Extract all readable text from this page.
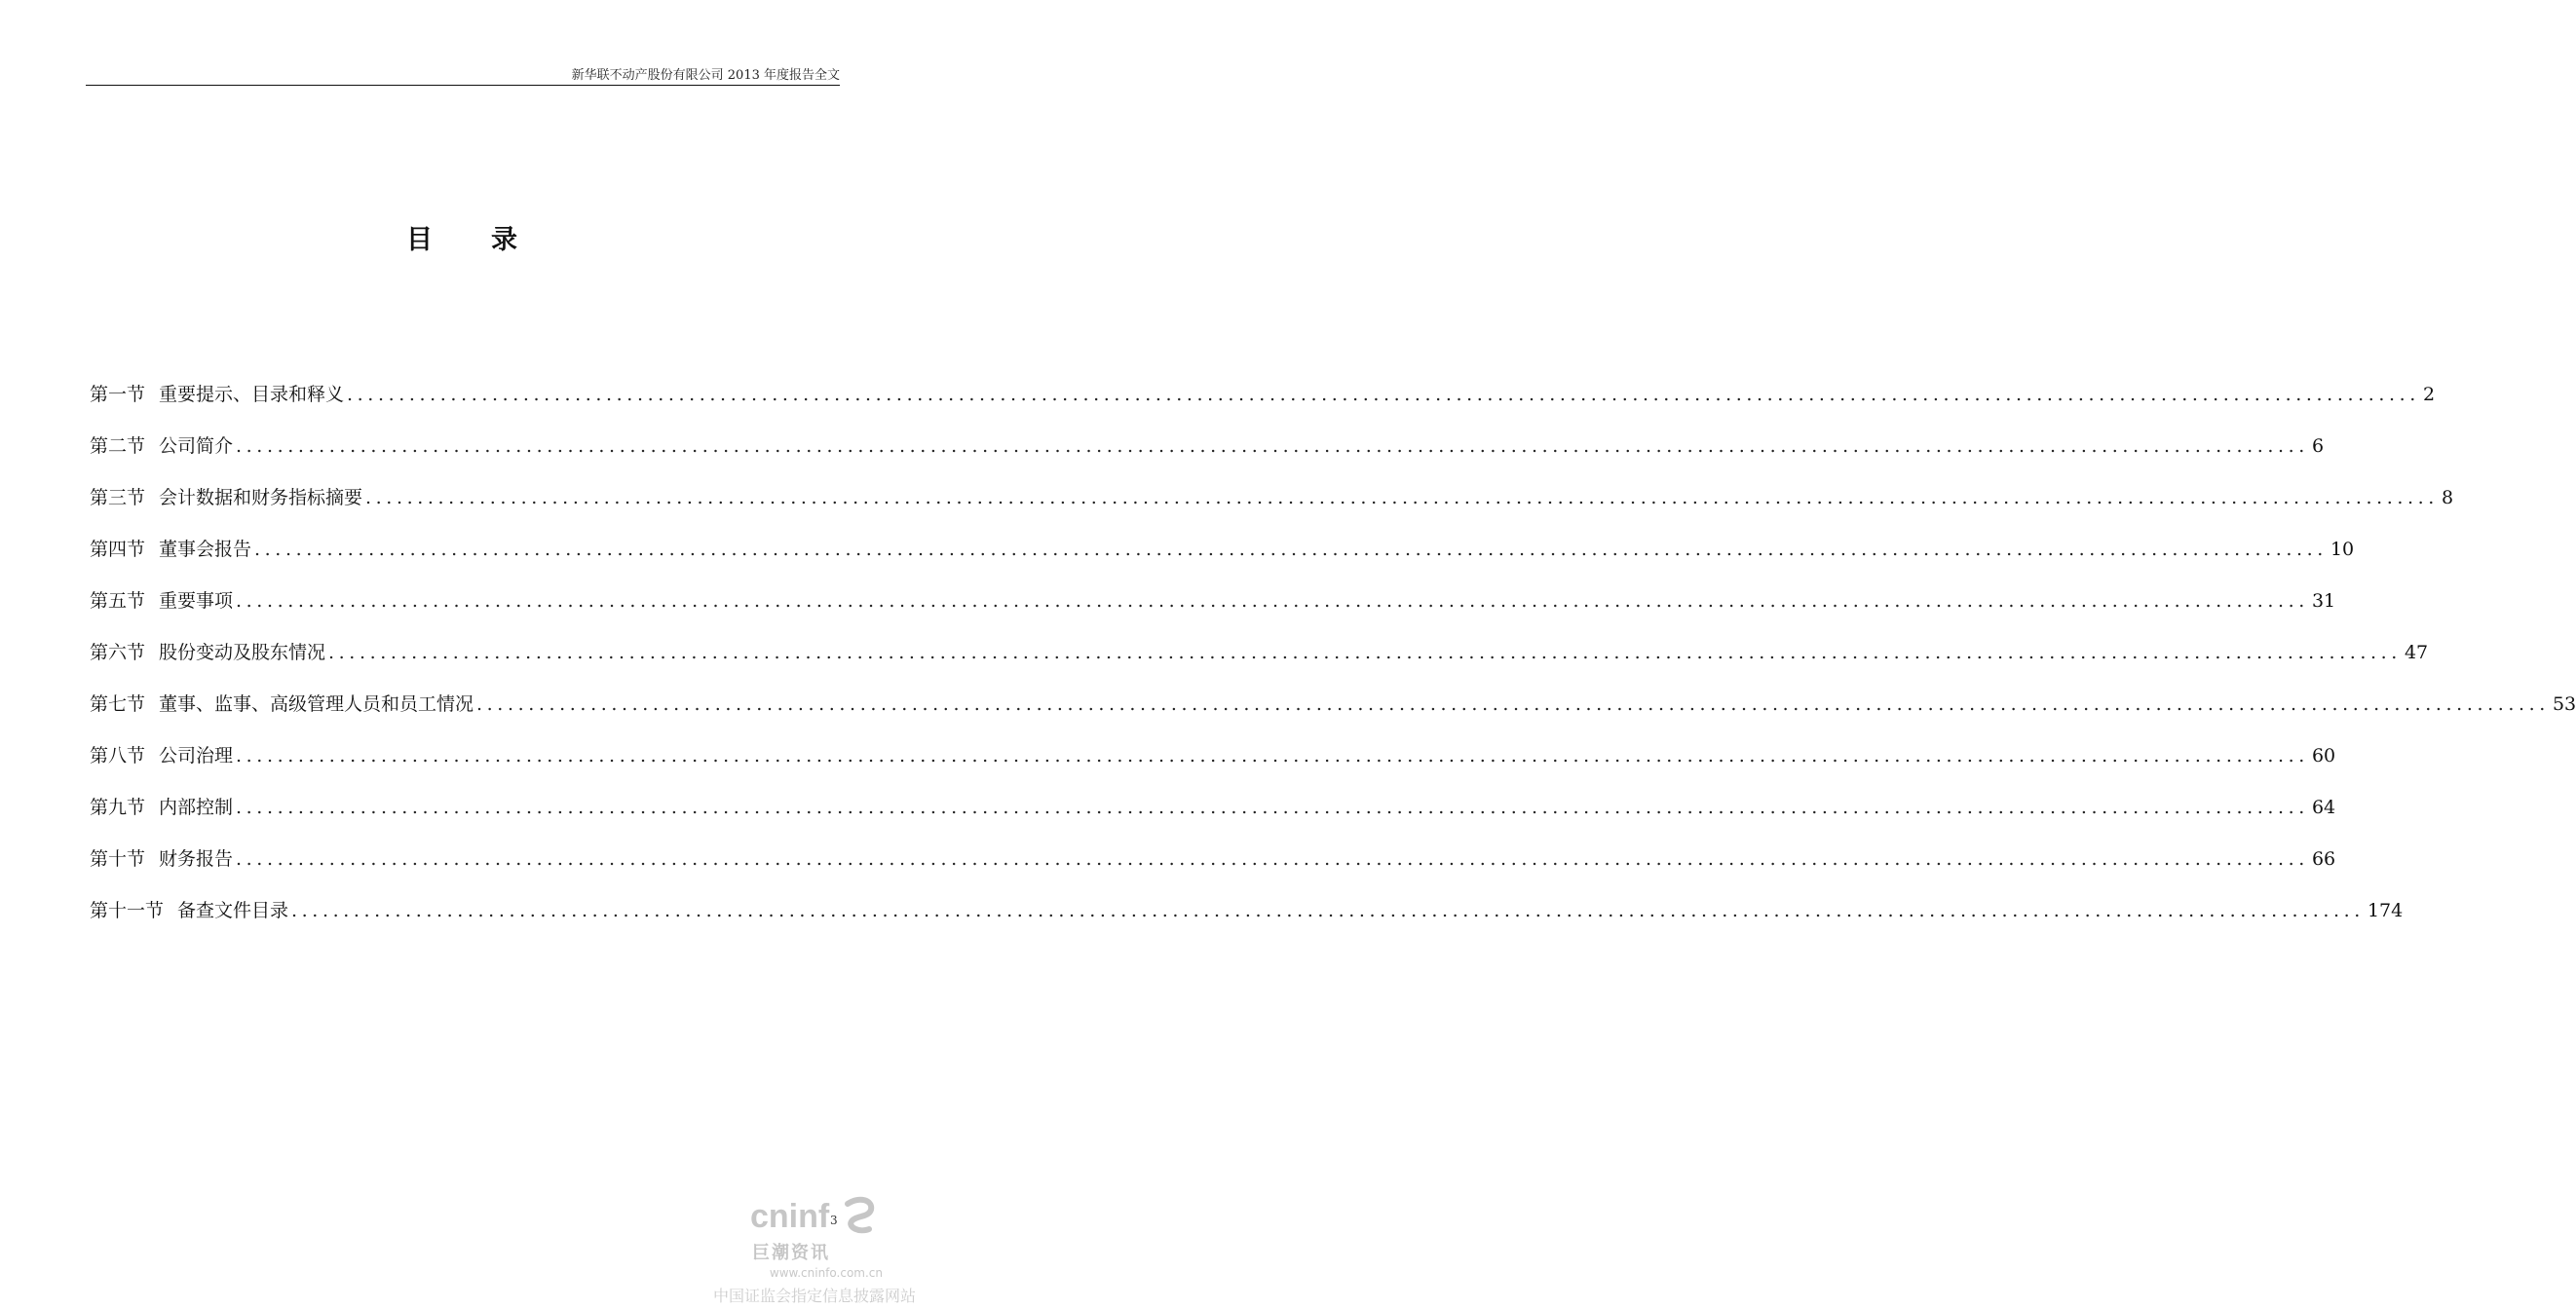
新华联不动产股份有限公司 2013 年度报告全文
目　　录
第一节 重要提示、目录和释义 ........................................................................................................................................................................................................ 2
第二节 公司简介 ........................................................................................................................................................................................................ 6
第三节 会计数据和财务指标摘要 ........................................................................................................................................................................................................ 8
第四节 董事会报告 ........................................................................................................................................................................................................ 10
第五节 重要事项 ........................................................................................................................................................................................................ 31
第六节 股份变动及股东情况 ........................................................................................................................................................................................................ 47
第七节 董事、监事、高级管理人员和员工情况 ........................................................................................................................................................................................................ 53
第八节 公司治理 ........................................................................................................................................................................................................ 60
第九节 内部控制 ........................................................................................................................................................................................................ 64
第十节 财务报告 ........................................................................................................................................................................................................ 66
第十一节 备查文件目录 ........................................................................................................................................................................................................ 174
3
cninf
巨潮资讯
www.cninfo.com.cn
中国证监会指定信息披露网站
